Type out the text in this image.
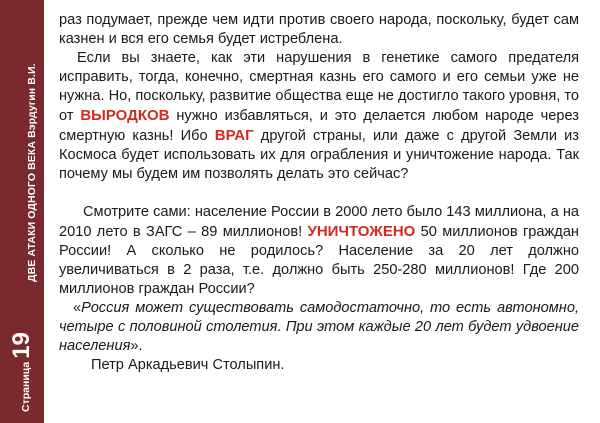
ДВЕ АТАКИ ОДНОГО ВЕКА Вэрдугин В.И.
Страница
19

раз подумает, прежде чем идти против своего народа, поскольку, будет сам казнен и вся его семья будет истреблена.

Если вы знаете, как эти нарушения в генетике самого предателя исправить, тогда, конечно, смертная казнь его самого и его семьи уже не нужна. Но, поскольку, развитие общества еще не достигло такого уровня, то от ВЫРОДКОВ нужно избавляться, и это делается любом народе через смертную казнь! Ибо ВРАГ другой страны, или даже с другой Земли из Космоса будет использовать их для ограбления и уничтожение народа. Так почему мы будем им позволять делать это сейчас?

Смотрите сами: население России в 2000 лето было 143 миллиона, а на 2010 лето в ЗАГС – 89 миллионов! УНИЧТОЖЕНО 50 миллионов граждан России! А сколько не родилось? Население за 20 лет должно увеличиваться в 2 раза, т.е. должно быть 250-280 миллионов! Где 200 миллионов граждан России?

«Россия может существовать самодостаточно, то есть автономно, четыре с половиной столетия. При этом каждые 20 лет будет удвоение населения».

Петр Аркадьевич Столыпин.
